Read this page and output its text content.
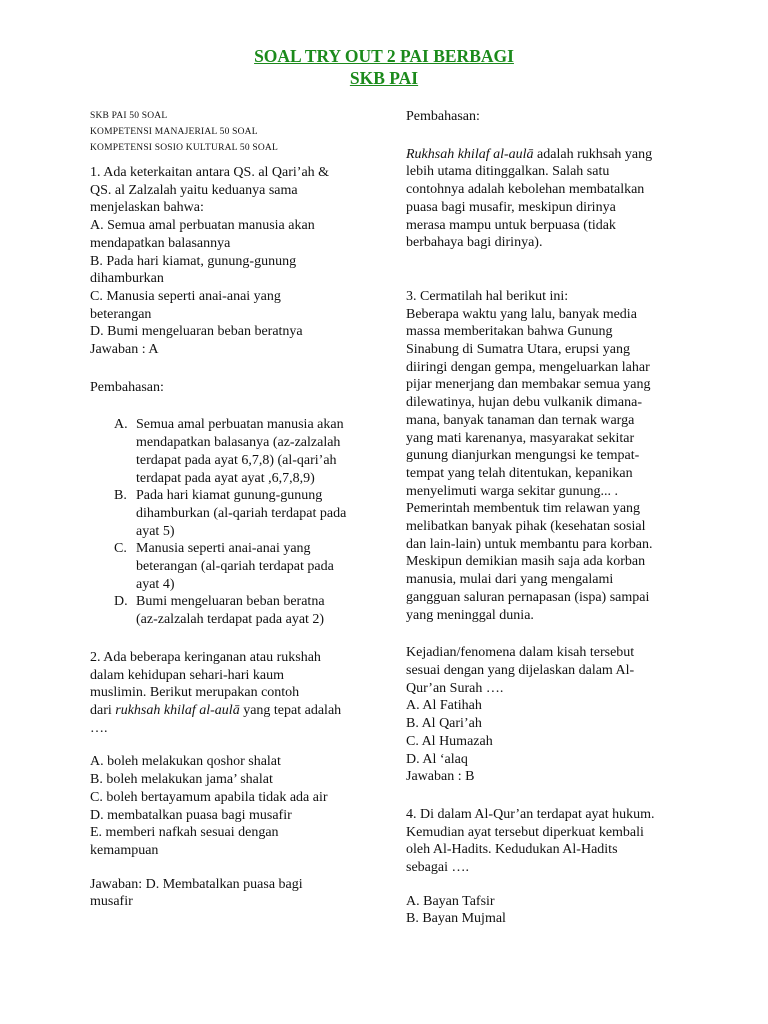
SOAL TRY OUT 2 PAI BERBAGI
SKB PAI

SKB PAI 50 SOAL

KOMPETENSI MANAJERIAL 50 SOAL

KOMPETENSI SOSIO KULTURAL 50 SOAL

1. Ada keterkaitan antara QS. al Qari’ah &

QS. al Zalzalah yaitu keduanya sama

menjelaskan bahwa:

A. Semua amal perbuatan manusia akan

mendapatkan balasannya

B. Pada hari kiamat, gunung-gunung

dihamburkan

C. Manusia seperti anai-anai yang

beterangan

D. Bumi mengeluaran beban beratnya

Jawaban : A

Pembahasan:

A. Semua amal perbuatan manusia akan

mendapatkan balasanya (az-zalzalah

terdapat pada ayat 6,7,8) (al-qari’ah

terdapat pada ayat ayat ,6,7,8,9)

B. Pada hari kiamat gunung-gunung

dihamburkan (al-qariah terdapat pada

ayat 5)

C. Manusia seperti anai-anai yang

beterangan (al-qariah terdapat pada

ayat 4)

D. Bumi mengeluaran beban beratna

(az-zalzalah terdapat pada ayat 2)

2. Ada beberapa keringanan atau rukshah

dalam kehidupan sehari-hari kaum

muslimin. Berikut merupakan contoh

dari rukhsah khilaf al-aulā yang tepat adalah

….

A. boleh melakukan qoshor shalat

B. boleh melakukan jama’ shalat

C. boleh bertayamum apabila tidak ada air

D. membatalkan puasa bagi musafir

E. memberi nafkah sesuai dengan

kemampuan

Jawaban: D. Membatalkan puasa bagi

musafir

Pembahasan:

Rukhsah khilaf al-aulā adalah rukhsah yang

lebih utama ditinggalkan. Salah satu

contohnya adalah kebolehan membatalkan

puasa bagi musafir, meskipun dirinya

merasa mampu untuk berpuasa (tidak

berbahaya bagi dirinya).

3. Cermatilah hal berikut ini:

Beberapa waktu yang lalu, banyak media

massa memberitakan bahwa Gunung

Sinabung di Sumatra Utara, erupsi yang

diiringi dengan gempa, mengeluarkan lahar

pijar menerjang dan membakar semua yang

dilewatinya, hujan debu vulkanik dimana-

mana, banyak tanaman dan ternak warga

yang mati karenanya, masyarakat sekitar

gunung dianjurkan mengungsi ke tempat-

tempat yang telah ditentukan, kepanikan

menyelimuti warga sekitar gunung... .

Pemerintah membentuk tim relawan yang

melibatkan banyak pihak (kesehatan sosial

dan lain-lain) untuk membantu para korban.

Meskipun demikian masih saja ada korban

manusia, mulai dari yang mengalami

gangguan saluran pernapasan (ispa) sampai

yang meninggal dunia.

Kejadian/fenomena dalam kisah tersebut

sesuai dengan yang dijelaskan dalam Al-

Qur’an Surah ….

A. Al Fatihah

B. Al Qari’ah

C. Al Humazah

D. Al ‘alaq

Jawaban : B

4. Di dalam Al-Qur’an terdapat ayat hukum.

Kemudian ayat tersebut diperkuat kembali

oleh Al-Hadits. Kedudukan Al-Hadits

sebagai ….

A. Bayan Tafsir

B. Bayan Mujmal
